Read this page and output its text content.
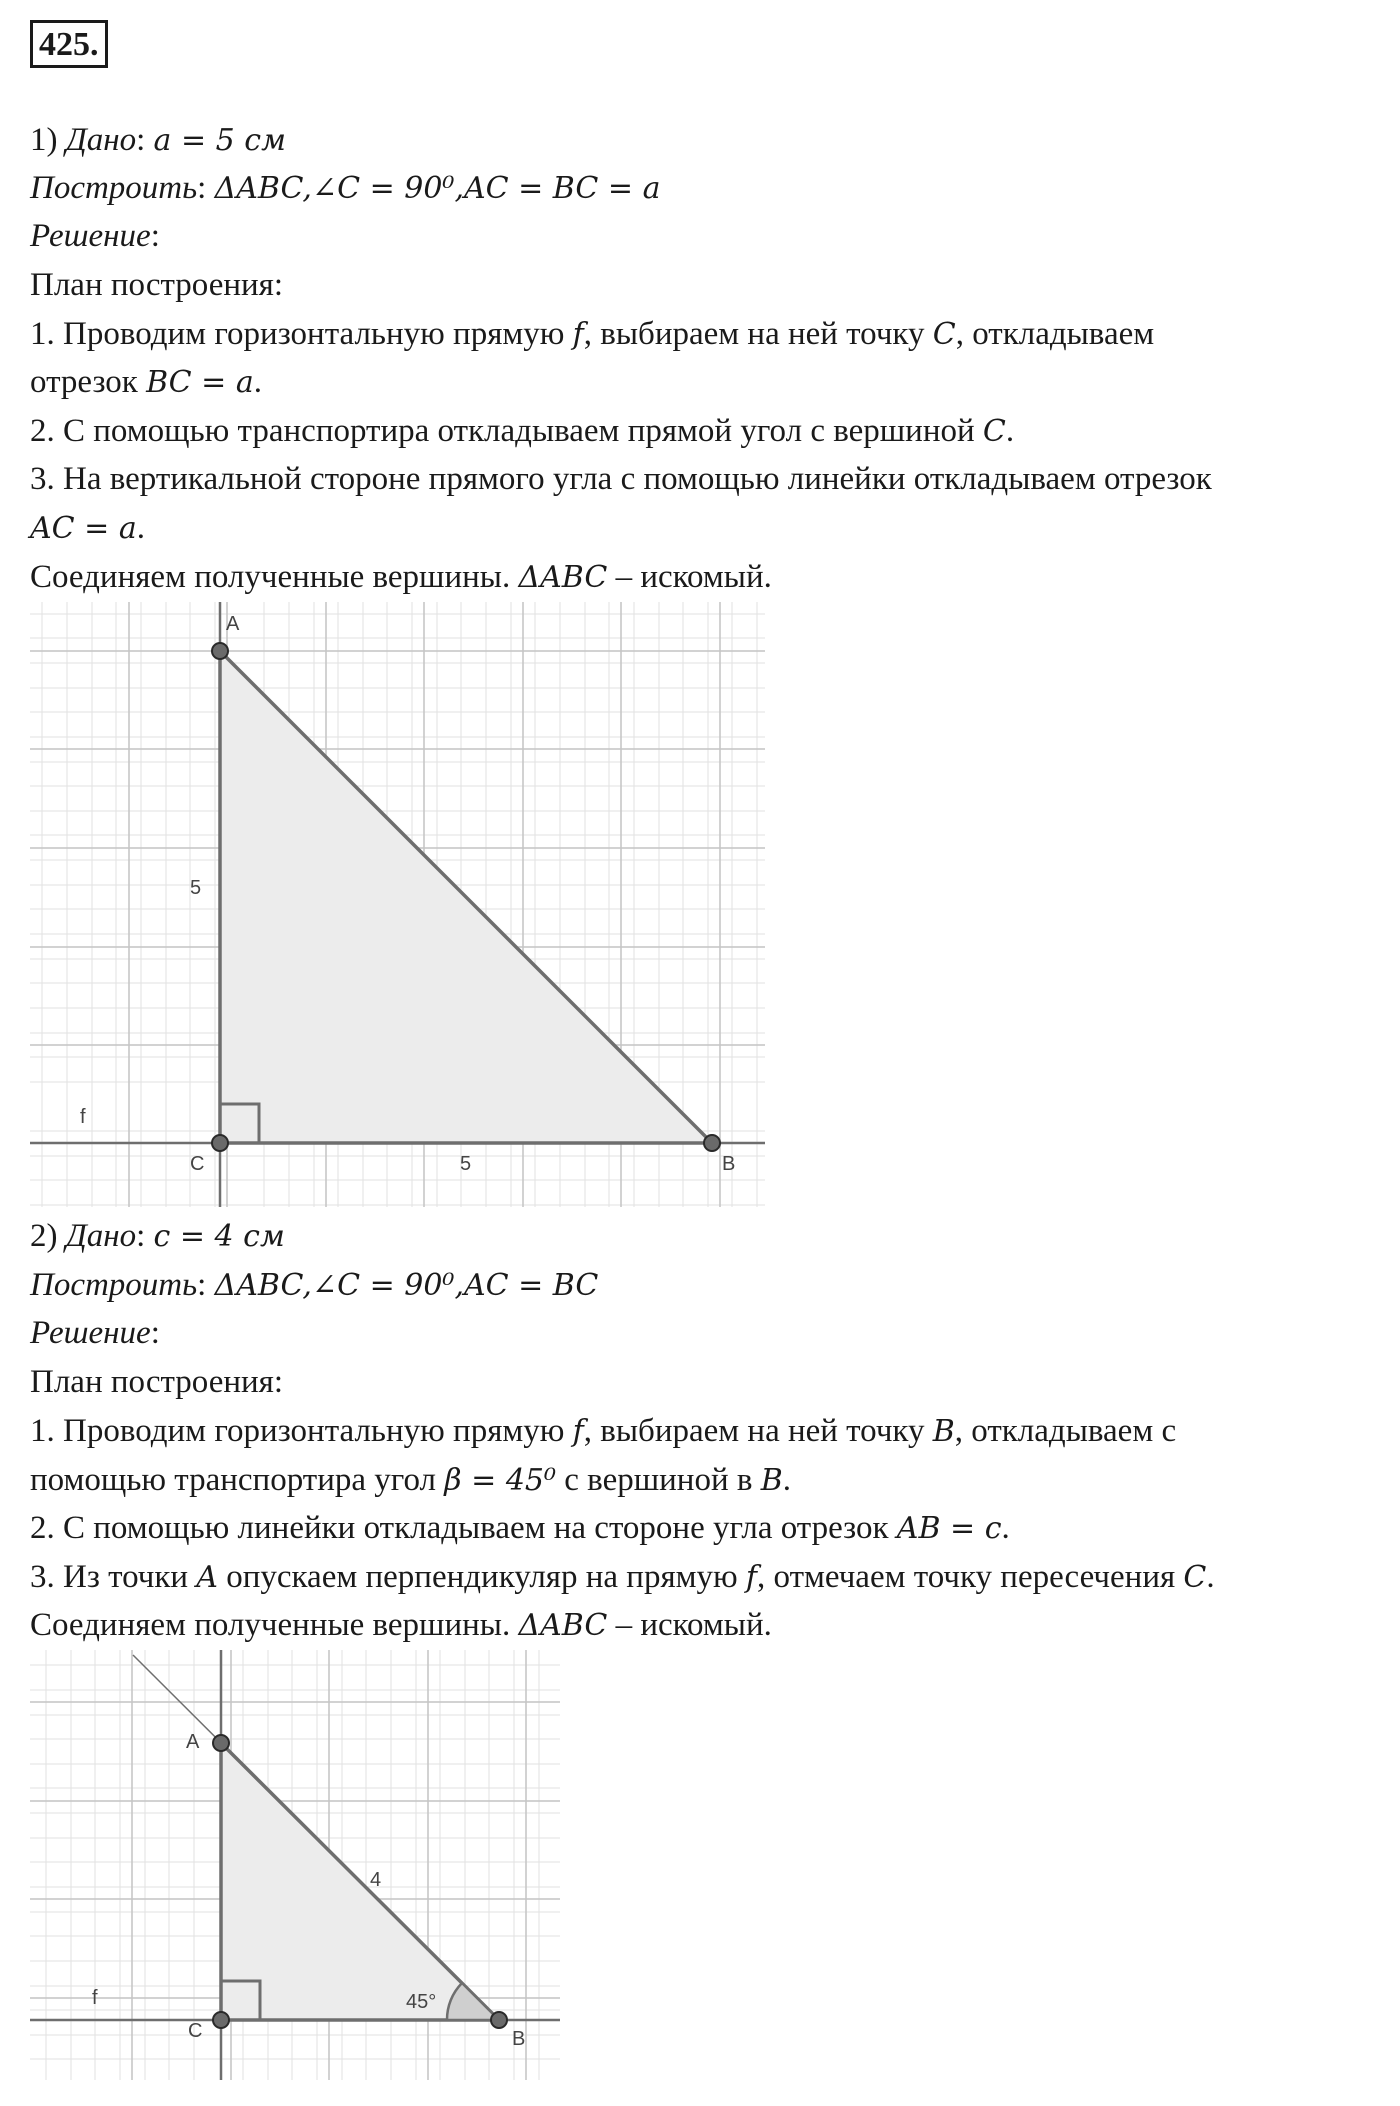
425.
1) Дано: a = 5 см
Построить: ΔABC,∠C = 90⁰,AC = BC = a
Решение:
План построения:
1. Проводим горизонтальную прямую f, выбираем на ней точку C, откладываем
отрезок BC = a.
2. С помощью транспортира откладываем прямой угол с вершиной C.
3. На вертикальной стороне прямого угла с помощью линейки откладываем отрезок
AC = a.
Соединяем полученные вершины. ΔABC – искомый.
A
C	B
f
5
5
2) Дано: c = 4 см
Построить: ΔABC,∠C = 90⁰,AC = BC
Решение:
План построения:
1. Проводим горизонтальную прямую f, выбираем на ней точку B, откладываем с
помощью транспортира угол β = 45⁰ с вершиной в B.
2. С помощью линейки откладываем на стороне угла отрезок AB = c.
3. Из точки A опускаем перпендикуляр на прямую f, отмечаем точку пересечения C.
Соединяем полученные вершины. ΔABC – искомый.
A
C	B
f
4
45°
